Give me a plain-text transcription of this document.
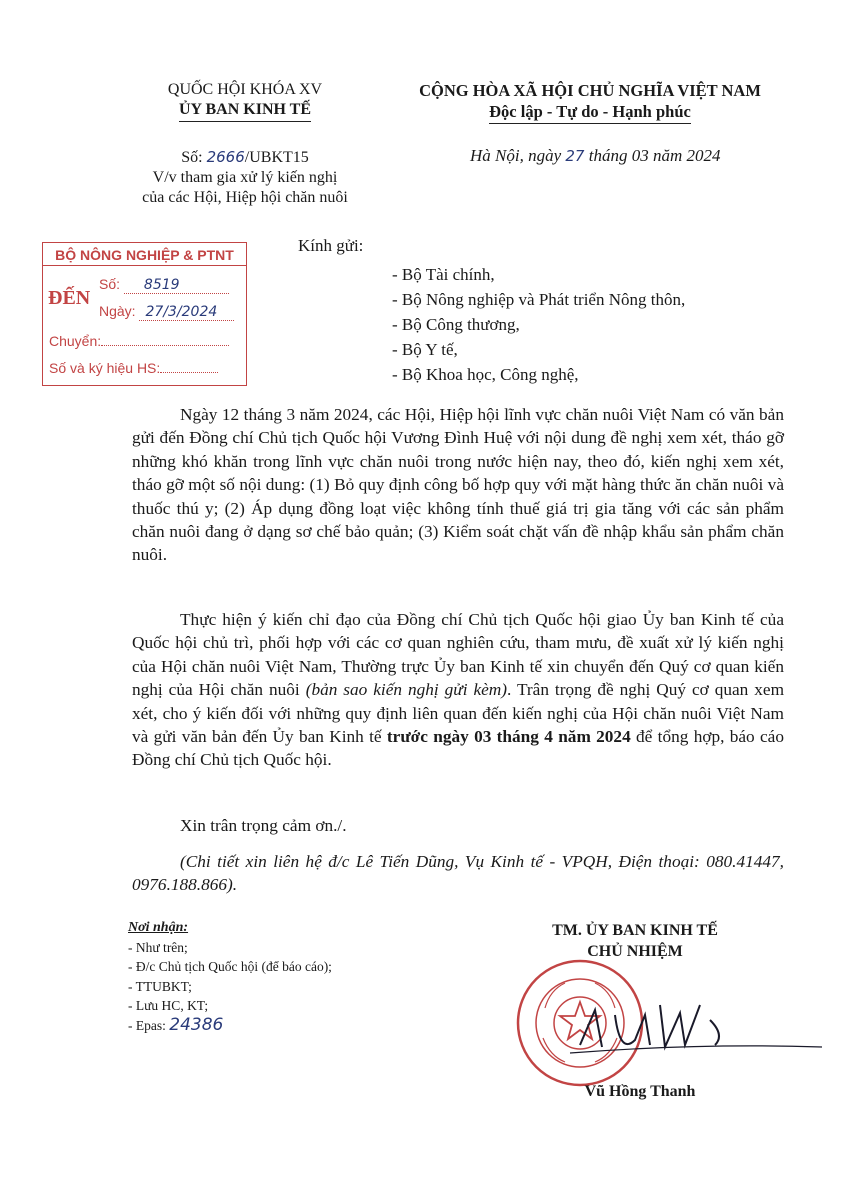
QUỐC HỘI KHÓA XV
ỦY BAN KINH TẾ
CỘNG HÒA XÃ HỘI CHỦ NGHĨA VIỆT NAM
Độc lập - Tự do - Hạnh phúc
Số: 2666/UBKT15
V/v tham gia xử lý kiến nghị
của các Hội, Hiệp hội chăn nuôi
Hà Nội, ngày 27 tháng 03 năm 2024
BỘ NÔNG NGHIỆP & PTNT
ĐẾN
Số: 8519
Ngày: 27/3/2024
Chuyển:
Số và ký hiệu HS:
Kính gửi:
- Bộ Tài chính,
- Bộ Nông nghiệp và Phát triển Nông thôn,
- Bộ Công thương,
- Bộ Y tế,
- Bộ Khoa học, Công nghệ,

Ngày 12 tháng 3 năm 2024, các Hội, Hiệp hội lĩnh vực chăn nuôi Việt Nam có văn bản gửi đến Đồng chí Chủ tịch Quốc hội Vương Đình Huệ với nội dung đề nghị xem xét, tháo gỡ những khó khăn trong lĩnh vực chăn nuôi trong nước hiện nay, theo đó, kiến nghị xem xét, tháo gỡ một số nội dung: (1) Bỏ quy định công bố hợp quy với mặt hàng thức ăn chăn nuôi và thuốc thú y; (2) Áp dụng đồng loạt việc không tính thuế giá trị gia tăng với các sản phẩm chăn nuôi đang ở dạng sơ chế bảo quản; (3) Kiểm soát chặt vấn đề nhập khẩu sản phẩm chăn nuôi.

Thực hiện ý kiến chỉ đạo của Đồng chí Chủ tịch Quốc hội giao Ủy ban Kinh tế của Quốc hội chủ trì, phối hợp với các cơ quan nghiên cứu, tham mưu, đề xuất xử lý kiến nghị của Hội chăn nuôi Việt Nam, Thường trực Ủy ban Kinh tế xin chuyển đến Quý cơ quan kiến nghị của Hội chăn nuôi (bản sao kiến nghị gửi kèm). Trân trọng đề nghị Quý cơ quan xem xét, cho ý kiến đối với những quy định liên quan đến kiến nghị của Hội chăn nuôi Việt Nam và gửi văn bản đến Ủy ban Kinh tế trước ngày 03 tháng 4 năm 2024 để tổng hợp, báo cáo Đồng chí Chủ tịch Quốc hội.

Xin trân trọng cảm ơn./.

(Chi tiết xin liên hệ đ/c Lê Tiến Dũng, Vụ Kinh tế - VPQH, Điện thoại: 080.41447, 0976.188.866).

Nơi nhận:
- Như trên;
- Đ/c Chủ tịch Quốc hội (để báo cáo);
- TTUBKT;
- Lưu HC, KT;
- Epas: 24386
TM. ỦY BAN KINH TẾ
CHỦ NHIỆM
Vũ Hồng Thanh
